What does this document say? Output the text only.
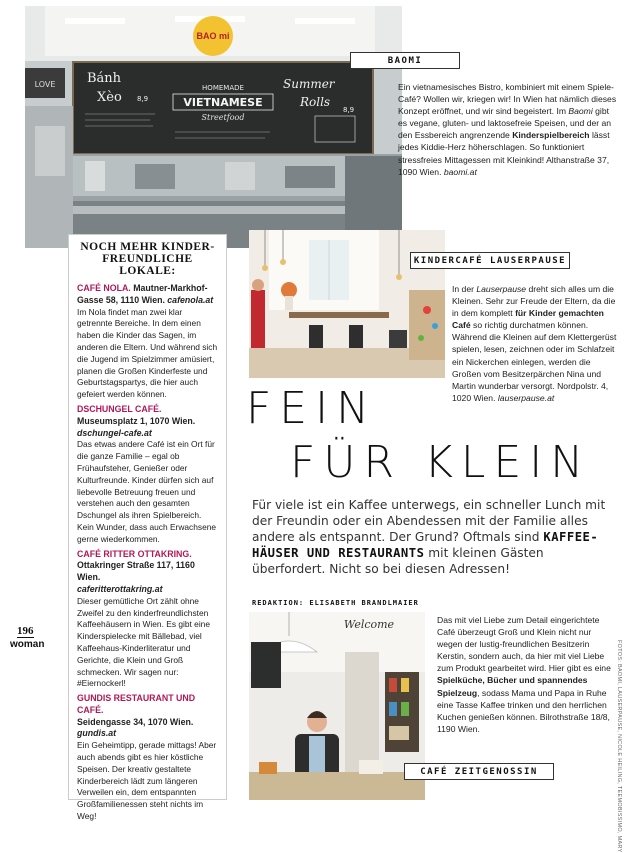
BAO mi
Bánh
Xèo 8,9
HOMEMADE
VIETNAMESE
Streetfood
Summer
Rolls
8,9
LOVE
BAOMI
Ein vietnamesisches Bistro, kombiniert mit einem Spiele-Café? Wollen wir, kriegen wir! In Wien hat nämlich dieses Konzept eröffnet, und wir sind begeistert. Im Baomi gibt es vegane, gluten- und laktosefreie Speisen, und der an den Essbereich angrenzende Kinderspielbereich lässt jedes Kiddie-Herz höherschlagen. So funktioniert stressfreies Mittagessen mit Kleinkind! Althanstraße 37, 1090 Wien. baomi.at
NOCH MEHR KINDER-FREUNDLICHE LOKALE:
CAFÉ NOLA. Mautner-Markhof-Gasse 58, 1110 Wien. cafenola.at
Im Nola findet man zwei klar getrennte Bereiche. In dem einen haben die Kinder das Sagen, im anderen die Eltern. Und während sich die Jugend im Spielzimmer amüsiert, planen die Großen Kinderfeste und Geburtstagspartys, die hier auch gefeiert werden können.
DSCHUNGEL CAFÉ. Museumsplatz 1, 1070 Wien. dschungel-cafe.at
Das etwas andere Café ist ein Ort für die ganze Familie – egal ob Frühaufsteher, Genießer oder Kulturfreunde. Kinder dürfen sich auf liebevolle Betreuung freuen und verstehen auch den gesamten Dschungel als ihren Spielbereich. Kein Wunder, dass auch Erwachsene gerne wiederkommen.
CAFÉ RITTER OTTAKRING.
Ottakringer Straße 117, 1160 Wien.
caferitterottakring.at
Dieser gemütliche Ort zählt ohne Zweifel zu den kinderfreundlichsten Kaffeehäusern in Wien. Es gibt eine Kinderspielecke mit Bällebad, viel Kaffeehaus-Kinderliteratur und Gerichte, die Klein und Groß schmecken. Wir sagen nur: #Eiernockerl!
GUNDIS RESTAURANT UND CAFÉ.
Seidengasse 34, 1070 Wien.
gundis.at
Ein Geheimtipp, gerade mittags! Aber auch abends gibt es hier köstliche Speisen. Der kreativ gestaltete Kinderbereich lädt zum längeren Verweilen ein, dem entspannten Großfamilienessen steht nichts im Weg!
KINDERCAFÉ LAUSERPAUSE
In der Lauserpause dreht sich alles um die Kleinen. Sehr zur Freude der Eltern, da die in dem komplett für Kinder gemachten Café so richtig durchatmen können. Während die Kleinen auf dem Klettergerüst spielen, lesen, zeichnen oder im Schlafzeit ein Nickerchen einlegen, werden die Großen vom Besitzerpärchen Nina und Martin wunderbar versorgt. Nordpolstr. 4, 1020 Wien. lauserpause.at
FEIN
FÜR KLEIN
Für viele ist ein Kaffee unterwegs, ein schneller Lunch mit der Freundin oder ein Abendessen mit der Familie alles andere als entspannt. Der Grund? Oftmals sind KAFFEE-HÄUSER UND RESTAURANTS mit kleinen Gästen überfordert. Nicht so bei diesen Adressen!
REDAKTION: ELISABETH BRANDLMAIER
Welcome	Das mit viel Liebe zum Detail eingerichtete Café überzeugt Groß und Klein nicht nur wegen der lustig-freundlichen Besitzerin Kerstin, sondern auch, da hier mit viel Liebe zum Produkt gearbeitet wird. Hier gibt es eine Spielküche, Bücher und spannendes Spielzeug, sodass Mama und Papa in Ruhe eine Tasse Kaffee trinken und den herrlichen Kuchen genießen können. Bilrothstraße 18/8, 1190 Wien.
CAFÉ ZEITGENOSSIN
196
woman	FOTOS: BAOMI, LAUSERPAUSE, NICOLE HEILING, TEEMOBISSIMO, MARY
